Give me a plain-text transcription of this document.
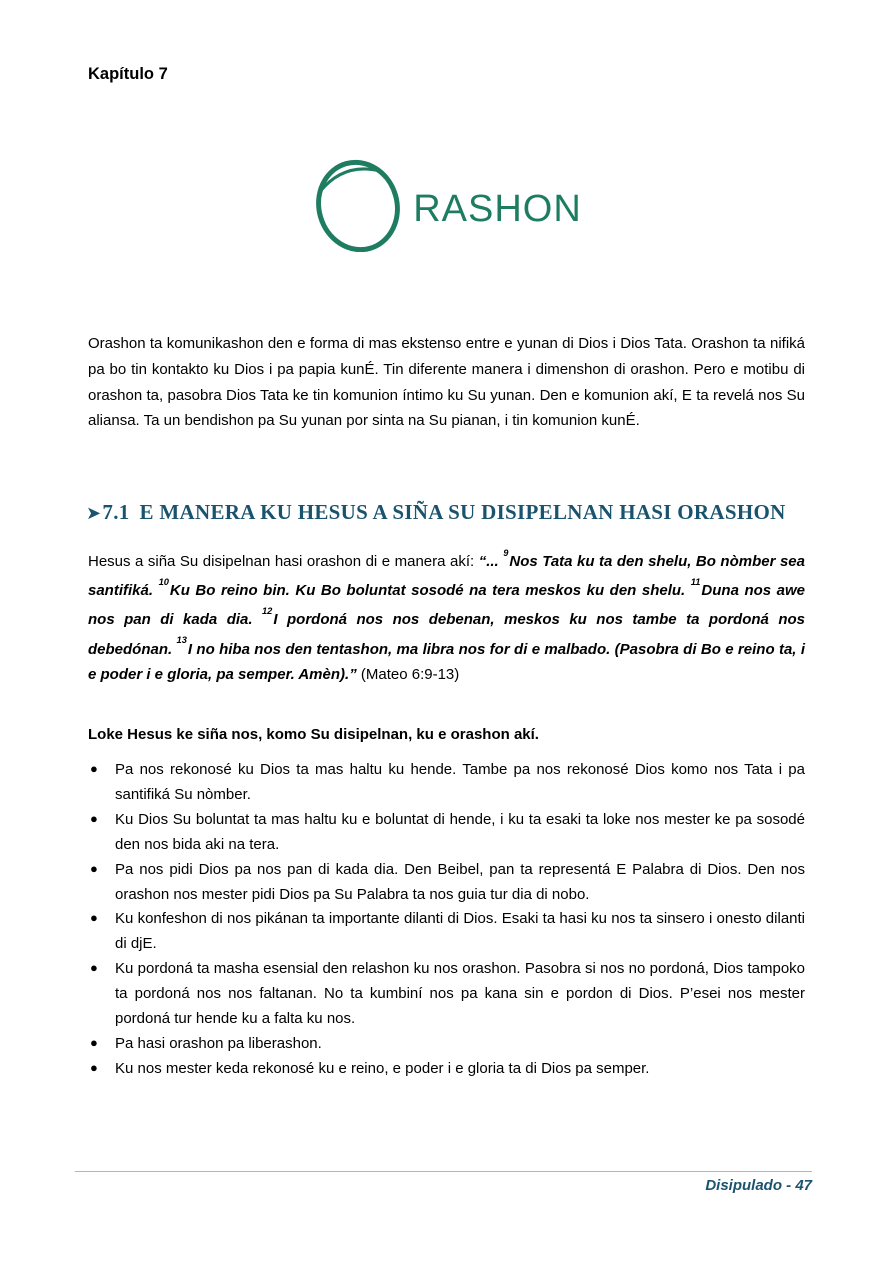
Kapítulo 7
RASHON

Orashon ta komunikashon den e forma di mas ekstenso entre e yunan di Dios i Dios Tata. Orashon ta nifiká pa bo tin kontakto ku Dios i pa papia kunÉ. Tin diferente manera i dimenshon di orashon. Pero e motibu di orashon ta, pasobra Dios Tata ke tin komunion íntimo ku Su yunan. Den e komunion akí, E ta revelá nos Su aliansa. Ta un bendishon pa Su yunan por sinta na Su pianan, i tin komunion kunÉ.

➤7.1 E MANERA KU HESUS A SIÑA SU DISIPELNAN HASI ORASHON

Hesus a siña Su disipelnan hasi orashon di e manera akí: “... $^9$Nos Tata ku ta den shelu, Bo nòmber sea santifiká. $^{10}$Ku Bo reino bin. Ku Bo boluntat sosodé na tera meskos ku den shelu. $^{11}$Duna nos awe nos pan di kada dia. $^{12}$I pordoná nos nos debenan, meskos ku nos tambe ta pordoná nos debedónan. $^{13}$I no hiba nos den tentashon, ma libra nos for di e malbado. (Pasobra di Bo e reino ta, i e poder i e gloria, pa semper. Amèn).” (Mateo 6:9-13)

Loke Hesus ke siña nos, komo Su disipelnan, ku e orashon akí.

● Pa nos rekonosé ku Dios ta mas haltu ku hende. Tambe pa nos rekonosé Dios komo nos Tata i pa santifiká Su nòmber.
● Ku Dios Su boluntat ta mas haltu ku e boluntat di hende, i ku ta esaki ta loke nos mester ke pa sosodé den nos bida aki na tera.
● Pa nos pidi Dios pa nos pan di kada dia. Den Beibel, pan ta representá E Palabra di Dios. Den nos orashon nos mester pidi Dios pa Su Palabra ta nos guia tur dia di nobo.
● Ku konfeshon di nos pikánan ta importante dilanti di Dios. Esaki ta hasi ku nos ta sinsero i onesto dilanti di djE.
● Ku pordoná ta masha esensial den relashon ku nos orashon. Pasobra si nos no pordoná, Dios tampoko ta pordoná nos nos faltanan. No ta kumbiní nos pa kana sin e pordon di Dios. P’esei nos mester pordoná tur hende ku a falta ku nos.
● Pa hasi orashon pa liberashon.
● Ku nos mester keda rekonosé ku e reino, e poder i e gloria ta di Dios pa semper.
Disipulado - 47
